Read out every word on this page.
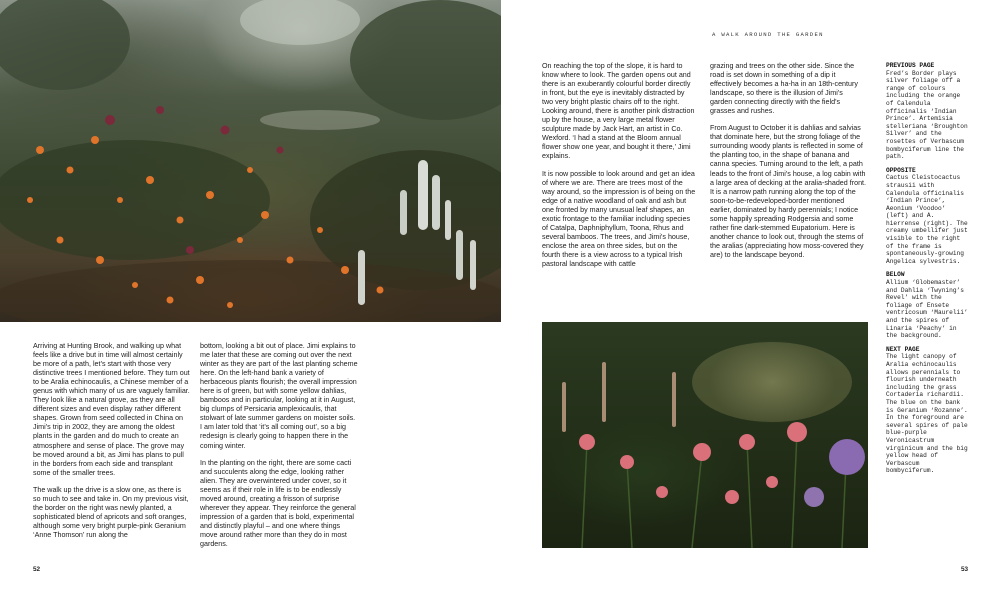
Arriving at Hunting Brook, and walking up what feels like a drive but in time will almost certainly be more of a path, let’s start with those very distinctive trees I mentioned before. They turn out to be Aralia echinocaulis, a Chinese member of a genus with which many of us are vaguely familiar. They look like a natural grove, as they are all different sizes and even display rather different shapes. Grown from seed collected in China on Jimi’s trip in 2002, they are among the oldest plants in the garden and do much to create an atmosphere and sense of place. The grove may be moved around a bit, as Jimi has plans to pull in the borders from each side and transplant some of the smaller trees.

The walk up the drive is a slow one, as there is so much to see and take in. On my previous visit, the border on the right was newly planted, a sophisticated blend of apricots and soft oranges, although some very bright purple-pink Geranium ‘Anne Thomson’ run along the

bottom, looking a bit out of place. Jimi explains to me later that these are coming out over the next winter as they are part of the last planting scheme here. On the left-hand bank a variety of herbaceous plants flourish; the overall impression here is of green, but with some yellow dahlias, bamboos and in particular, looking at it in August, big clumps of Persicaria amplexicaulis, that stolwart of late summer gardens on moister soils. I am later told that ‘it’s all coming out’, so a big redesign is clearly going to happen there in the coming winter.

In the planting on the right, there are some cacti and succulents along the edge, looking rather alien. They are overwintered under cover, so it seems as if their role in life is to be endlessly moved around, creating a frisson of surprise wherever they appear. They reinforce the general impression of a garden that is bold, experimental and distinctly playful – and one where things move around rather more than they do in most gardens.

A WALK AROUND THE GARDEN

On reaching the top of the slope, it is hard to know where to look. The garden opens out and there is an exuberantly colourful border directly in front, but the eye is inevitably distracted by two very bright plastic chairs off to the right. Looking around, there is another pink distraction up by the house, a very large metal flower sculpture made by Jack Hart, an artist in Co. Wexford. ‘I had a stand at the Bloom annual flower show one year, and bought it there,’ Jimi explains.

It is now possible to look around and get an idea of where we are. There are trees most of the way around, so the impression is of being on the edge of a native woodland of oak and ash but one fronted by many unusual leaf shapes, an exotic frontage to the familiar including species of Catalpa, Daphniphyllum, Toona, Rhus and several bamboos. The trees, and Jimi’s house, enclose the area on three sides, but on the fourth there is a view across to a typical Irish pastoral landscape with cattle

grazing and trees on the other side. Since the road is set down in something of a dip it effectively becomes a ha-ha in an 18th-century landscape, so there is the illusion of Jimi’s garden connecting directly with the field’s grasses and rushes.

From August to October it is dahlias and salvias that dominate here, but the strong foliage of the surrounding woody plants is reflected in some of the planting too, in the shape of banana and canna species. Turning around to the left, a path leads to the front of Jimi’s house, a log cabin with a large area of decking at the aralia-shaded front. It is a narrow path running along the top of the soon-to-be-redeveloped-border mentioned earlier, dominated by hardy perennials; I notice some happily spreading Rodgersia and some rather fine dark-stemmed Eupatorium. Here is another chance to look out, through the stems of the aralias (appreciating how moss-covered they are) to the landscape beyond.

PREVIOUS PAGE
Fred’s Border plays silver foliage off a range of colours including the orange of Calendula officinalis ‘Indian Prince’. Artemisia stelleriana ‘Broughton Silver’ and the rosettes of Verbascum bombyciferum line the path.
OPPOSITE
Cactus Cleistocactus strausii with Calendula officinalis ‘Indian Prince’, Aeonium ‘Voodoo’ (left) and A. hierrense (right). The creamy umbellifer just visible to the right of the frame is spontaneously-growing Angelica sylvestris.
BELOW
Allium ‘Globemaster’ and Dahlia ‘Twyning’s Revel’ with the foliage of Ensete ventricosum ‘Maurelii’ and the spires of Linaria ‘Peachy’ in the background.
NEXT PAGE
The light canopy of Aralia echinocaulis allows perennials to flourish underneath including the grass Cortaderia richardii. The blue on the bank is Geranium ‘Rozanne’. In the foreground are several spires of pale blue-purple Veronicastrum virginicum and the big yellow head of Verbascum bombyciferum.
52	53
